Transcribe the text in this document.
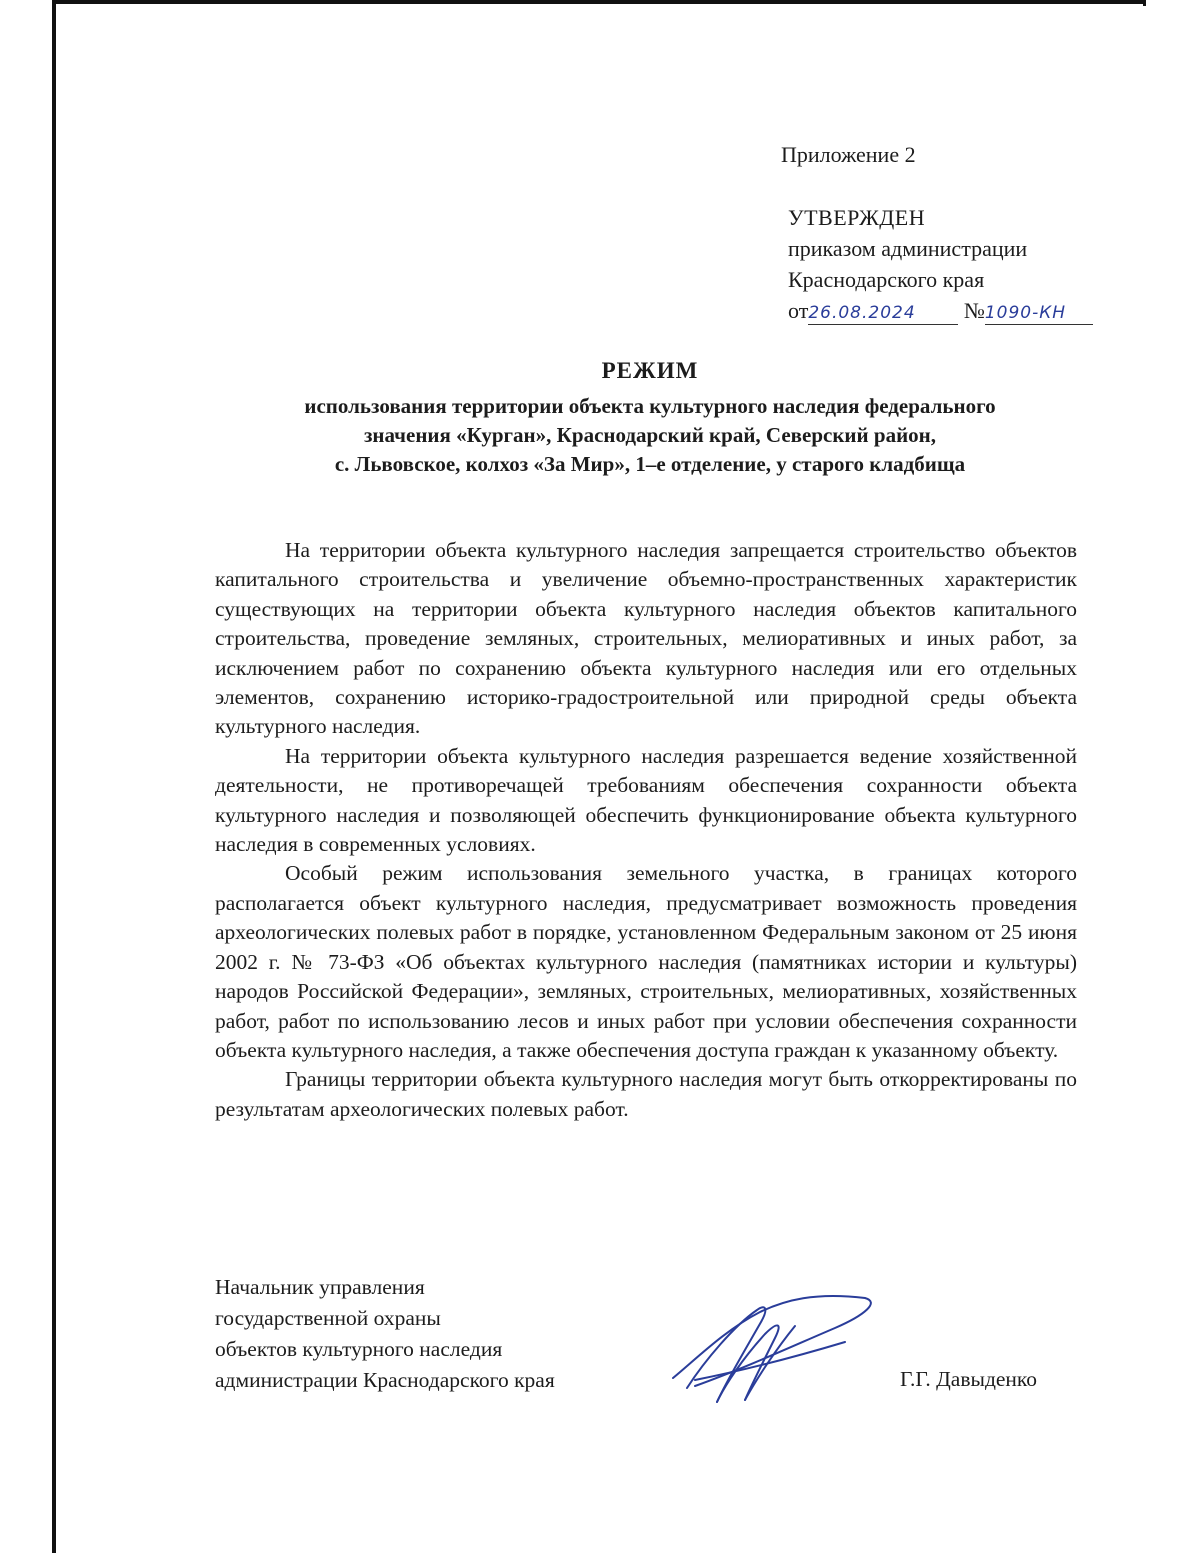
Приложение 2
УТВЕРЖДЕН
приказом администрации
Краснодарского края
от26.08.2024 №1090-КН
РЕЖИМ
использования территории объекта культурного наследия федерального
значения «Курган», Краснодарский край, Северский район,
с. Львовское, колхоз «За Мир», 1–е отделение, у старого кладбища

На территории объекта культурного наследия запрещается строительство объектов капитального строительства и увеличение объемно-пространственных характеристик существующих на территории объекта культурного наследия объектов капитального строительства, проведение земляных, строительных, мелиоративных и иных работ, за исключением работ по сохранению объекта культурного наследия или его отдельных элементов, сохранению историко-градостроительной или природной среды объекта культурного наследия.

На территории объекта культурного наследия разрешается ведение хозяйственной деятельности, не противоречащей требованиям обеспечения сохранности объекта культурного наследия и позволяющей обеспечить функционирование объекта культурного наследия в современных условиях.

Особый режим использования земельного участка, в границах которого располагается объект культурного наследия, предусматривает возможность проведения археологических полевых работ в порядке, установленном Федеральным законом от 25 июня 2002 г. № 73-ФЗ «Об объектах культурного наследия (памятниках истории и культуры) народов Российской Федерации», земляных, строительных, мелиоративных, хозяйственных работ, работ по использованию лесов и иных работ при условии обеспечения сохранности объекта культурного наследия, а также обеспечения доступа граждан к указанному объекту.

Границы территории объекта культурного наследия могут быть откорректированы по результатам археологических полевых работ.

Начальник управления
государственной охраны
объектов культурного наследия
администрации Краснодарского края	Г.Г. Давыденко
